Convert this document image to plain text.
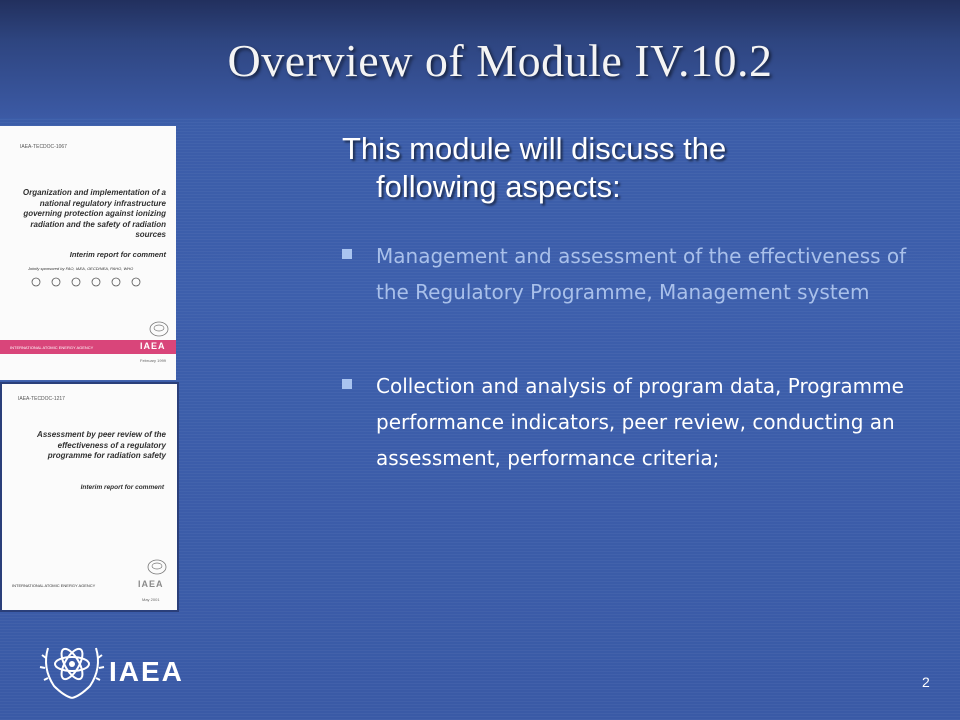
Overview of Module IV.10.2
IAEA-TECDOC-1067
Organization and implementation of a national regulatory infrastructure governing protection against ionizing radiation and the safety of radiation sources
Interim report for comment
Jointly sponsored by FAO, IAEA, OECD/NEA, PAHO, WHO
INTERNATIONAL ATOMIC ENERGY AGENCY	IAEA
February 1999
IAEA-TECDOC-1217
Assessment by peer review of the effectiveness of a regulatory programme for radiation safety
Interim report for comment
INTERNATIONAL ATOMIC ENERGY AGENCY	IAEA
May 2001
This module will discuss the
following aspects:
Management and assessment of the effectiveness of the Regulatory Programme, Management system
Collection and analysis of program data, Programme performance indicators, peer review, conducting an assessment, performance criteria;
IAEA	2
